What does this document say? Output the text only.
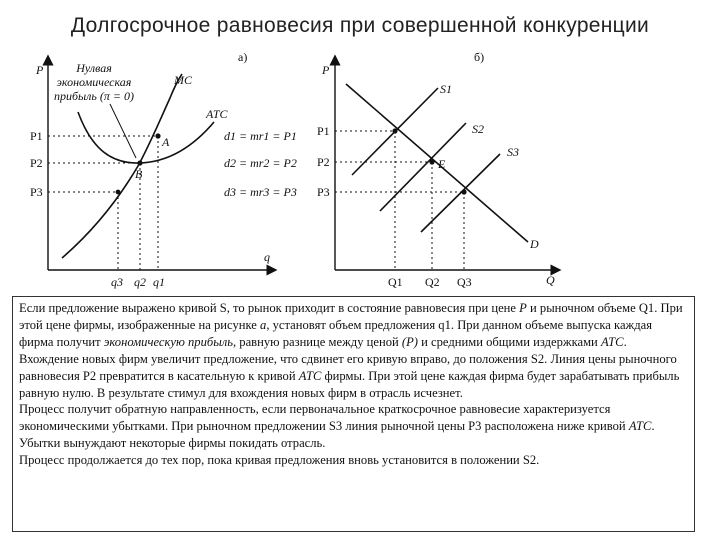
Долгосрочное равновесия при совершенной конкуренции
P
q
а)
A
B
Нулвая
экономическая
прибыль (π = 0)
MC
ATC
d1 = mr1 = P1
d2 = mr2 = P2
d3 = mr3 = P3
P1
P2
P3
q3 q2 q1
P
Q
б)
E
S1
S2
S3
D
P1
P2
P3
Q1 Q2 Q3

Если предложение выражено кривой S, то рынок приходит в состояние равновесия при цене P и рыночном объеме Q1. При этой цене фирмы, изображенные на рисунке а, установят объем предложения q1. При данном объеме выпуска каждая фирма получит экономическую прибыль, равную разнице между ценой (Р) и средними общими издержками ATC.

Вхождение новых фирм увеличит предложение, что сдвинет его кривую вправо, до положения S2. Линия цены рыночного равновесия P2 превратится в касательную к кривой ATC фирмы. При этой цене каждая фирма будет зарабатывать прибыль равную нулю. В результате стимул для вхождения новых фирм в отрасль исчезнет.

Процесс получит обратную направленность, если первоначальное краткосрочное равновесие характеризуется экономическими убытками. При рыночном предложении S3 линия рыночной цены P3 расположена ниже кривой ATC. Убытки вынуждают некоторые фирмы покидать отрасль.

Процесс продолжается до тех пор, пока кривая предложения вновь установится в положении S2.
